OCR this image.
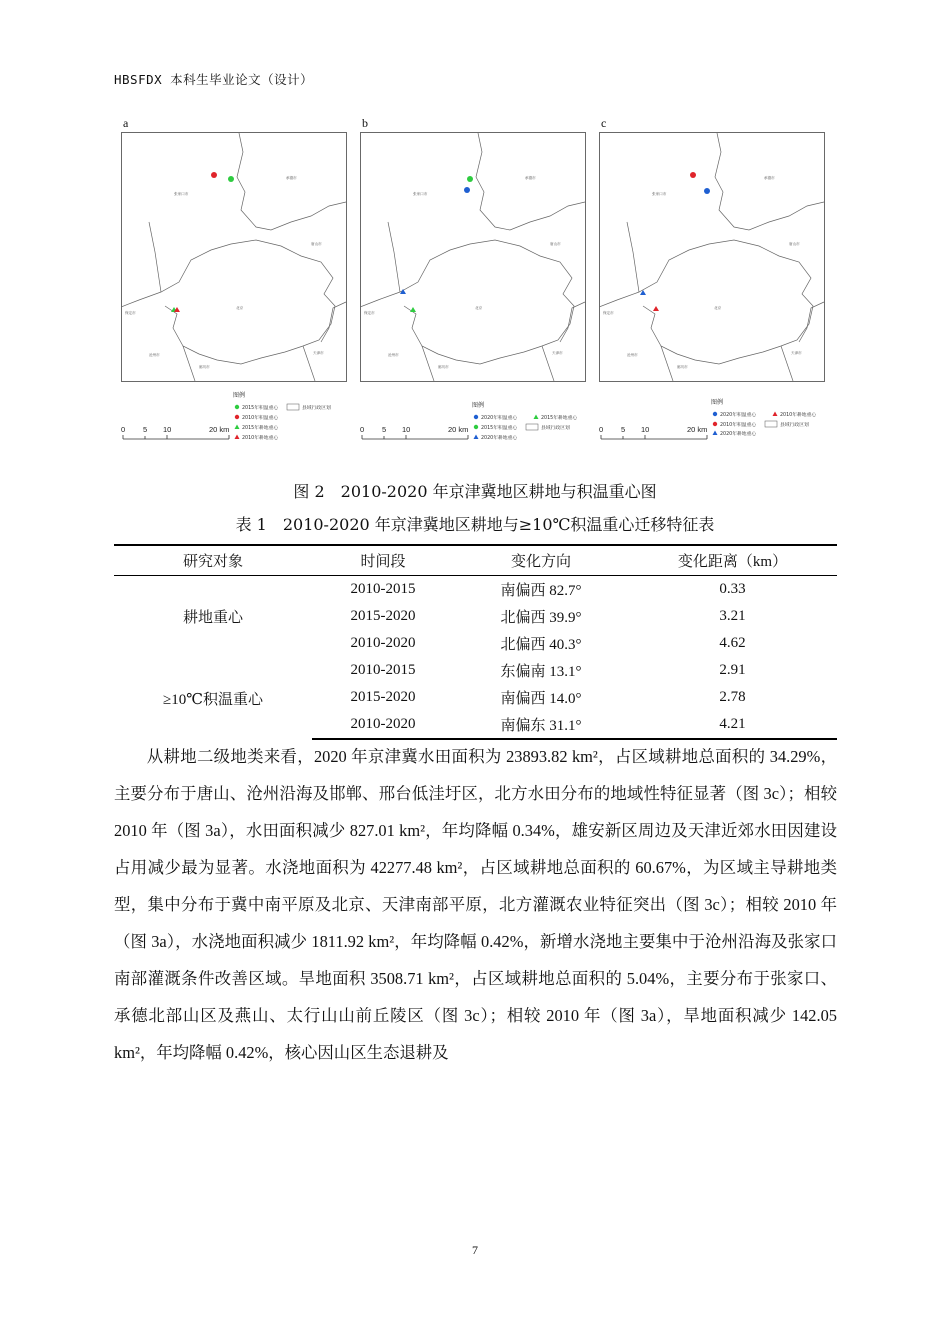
HBSFDX 本科生毕业论文（设计）
a
张家口市
承德市
唐山市
保定市
北京
天津市
廊坊市
沧州市
图例
2015年积温重心
2010年积温重心
2015年耕地重心
2010年耕地重心
县域行政区划
0 5 10	20 km
b
张家口市
承德市
唐山市
保定市
北京
天津市
廊坊市
沧州市
图例
2020年积温重心
2015年积温重心
2015年耕地重心
2020年耕地重心
县域行政区划
0 5 10	20 km
c
张家口市
承德市
唐山市
保定市
北京
天津市
廊坊市
沧州市
图例
2020年积温重心
2010年积温重心
2010年耕地重心
2020年耕地重心
县域行政区划
0 5 10	20 km
图 2　2010-2020 年京津冀地区耕地与积温重心图
表 1　2010-2020 年京津冀地区耕地与≥10℃积温重心迁移特征表
研究对象	时间段	变化方向	变化距离（km）
耕地重心	2010-2015	南偏西 82.7°	0.33
	2015-2020	北偏西 39.9°	3.21
	2010-2020	北偏西 40.3°	4.62
≥10℃积温重心	2010-2015	东偏南 13.1°	2.91
	2015-2020	南偏西 14.0°	2.78
	2010-2020	南偏东 31.1°	4.21
从耕地二级地类来看，2020 年京津冀水田面积为 23893.82 km²，占区域耕地总面积的 34.29%，主要分布于唐山、沧州沿海及邯郸、邢台低洼圩区，北方水田分布的地域性特征显著（图 3c）；相较 2010 年（图 3a），水田面积减少 827.01 km²，年均降幅 0.34%，雄安新区周边及天津近郊水田因建设占用减少最为显著。水浇地面积为 42277.48 km²，占区域耕地总面积的 60.67%，为区域主导耕地类型，集中分布于冀中南平原及北京、天津南部平原，北方灌溉农业特征突出（图 3c）；相较 2010 年（图 3a），水浇地面积减少 1811.92 km²，年均降幅 0.42%，新增水浇地主要集中于沧州沿海及张家口南部灌溉条件改善区域。旱地面积 3508.71 km²，占区域耕地总面积的 5.04%，主要分布于张家口、承德北部山区及燕山、太行山山前丘陵区（图 3c）；相较 2010 年（图 3a），旱地面积减少 142.05 km²，年均降幅 0.42%，核心因山区生态退耕及
7
